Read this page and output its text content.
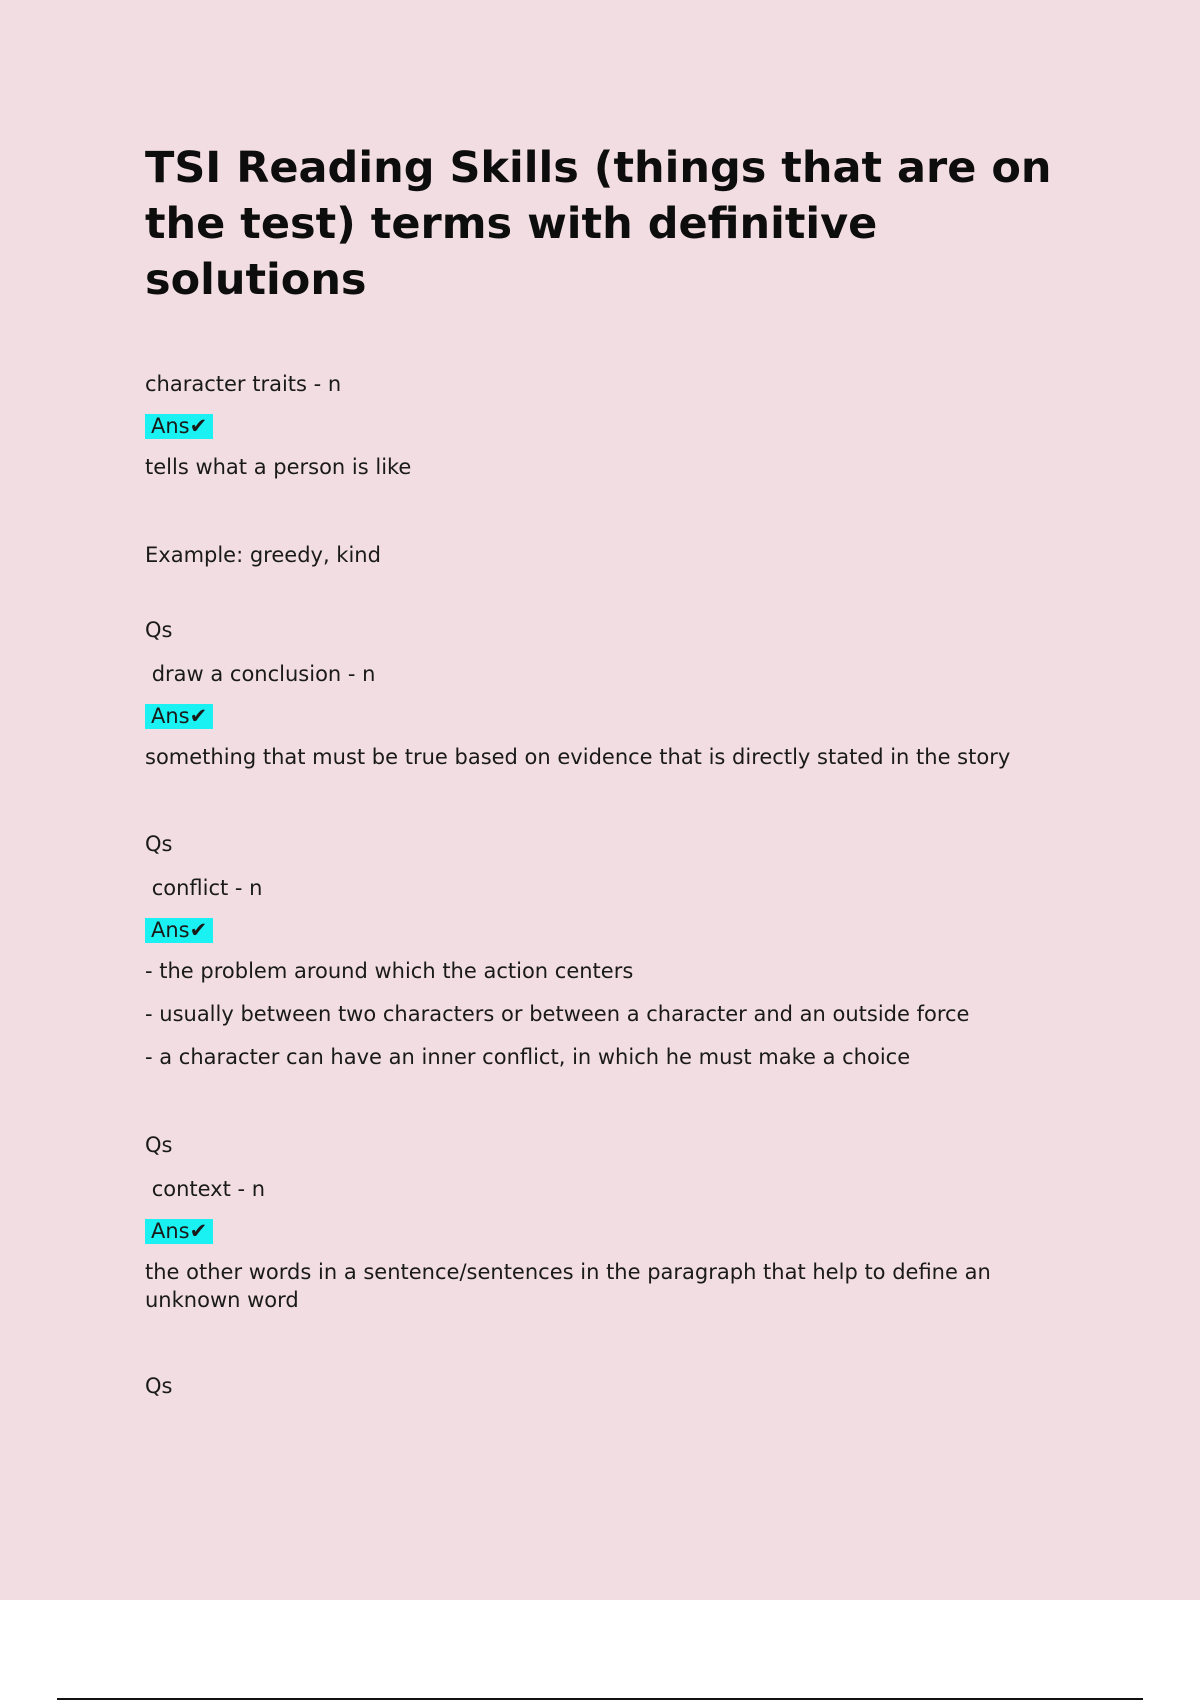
TSI Reading Skills (things that are on the test) terms with definitive solutions
character traits - n
Ans✔
tells what a person is like
Example: greedy, kind
Qs
draw a conclusion - n
Ans✔
something that must be true based on evidence that is directly stated in the story
Qs
conflict - n
Ans✔
- the problem around which the action centers
- usually between two characters or between a character and an outside force
- a character can have an inner conflict, in which he must make a choice
Qs
context - n
Ans✔
the other words in a sentence/sentences in the paragraph that help to define an unknown word
Qs
